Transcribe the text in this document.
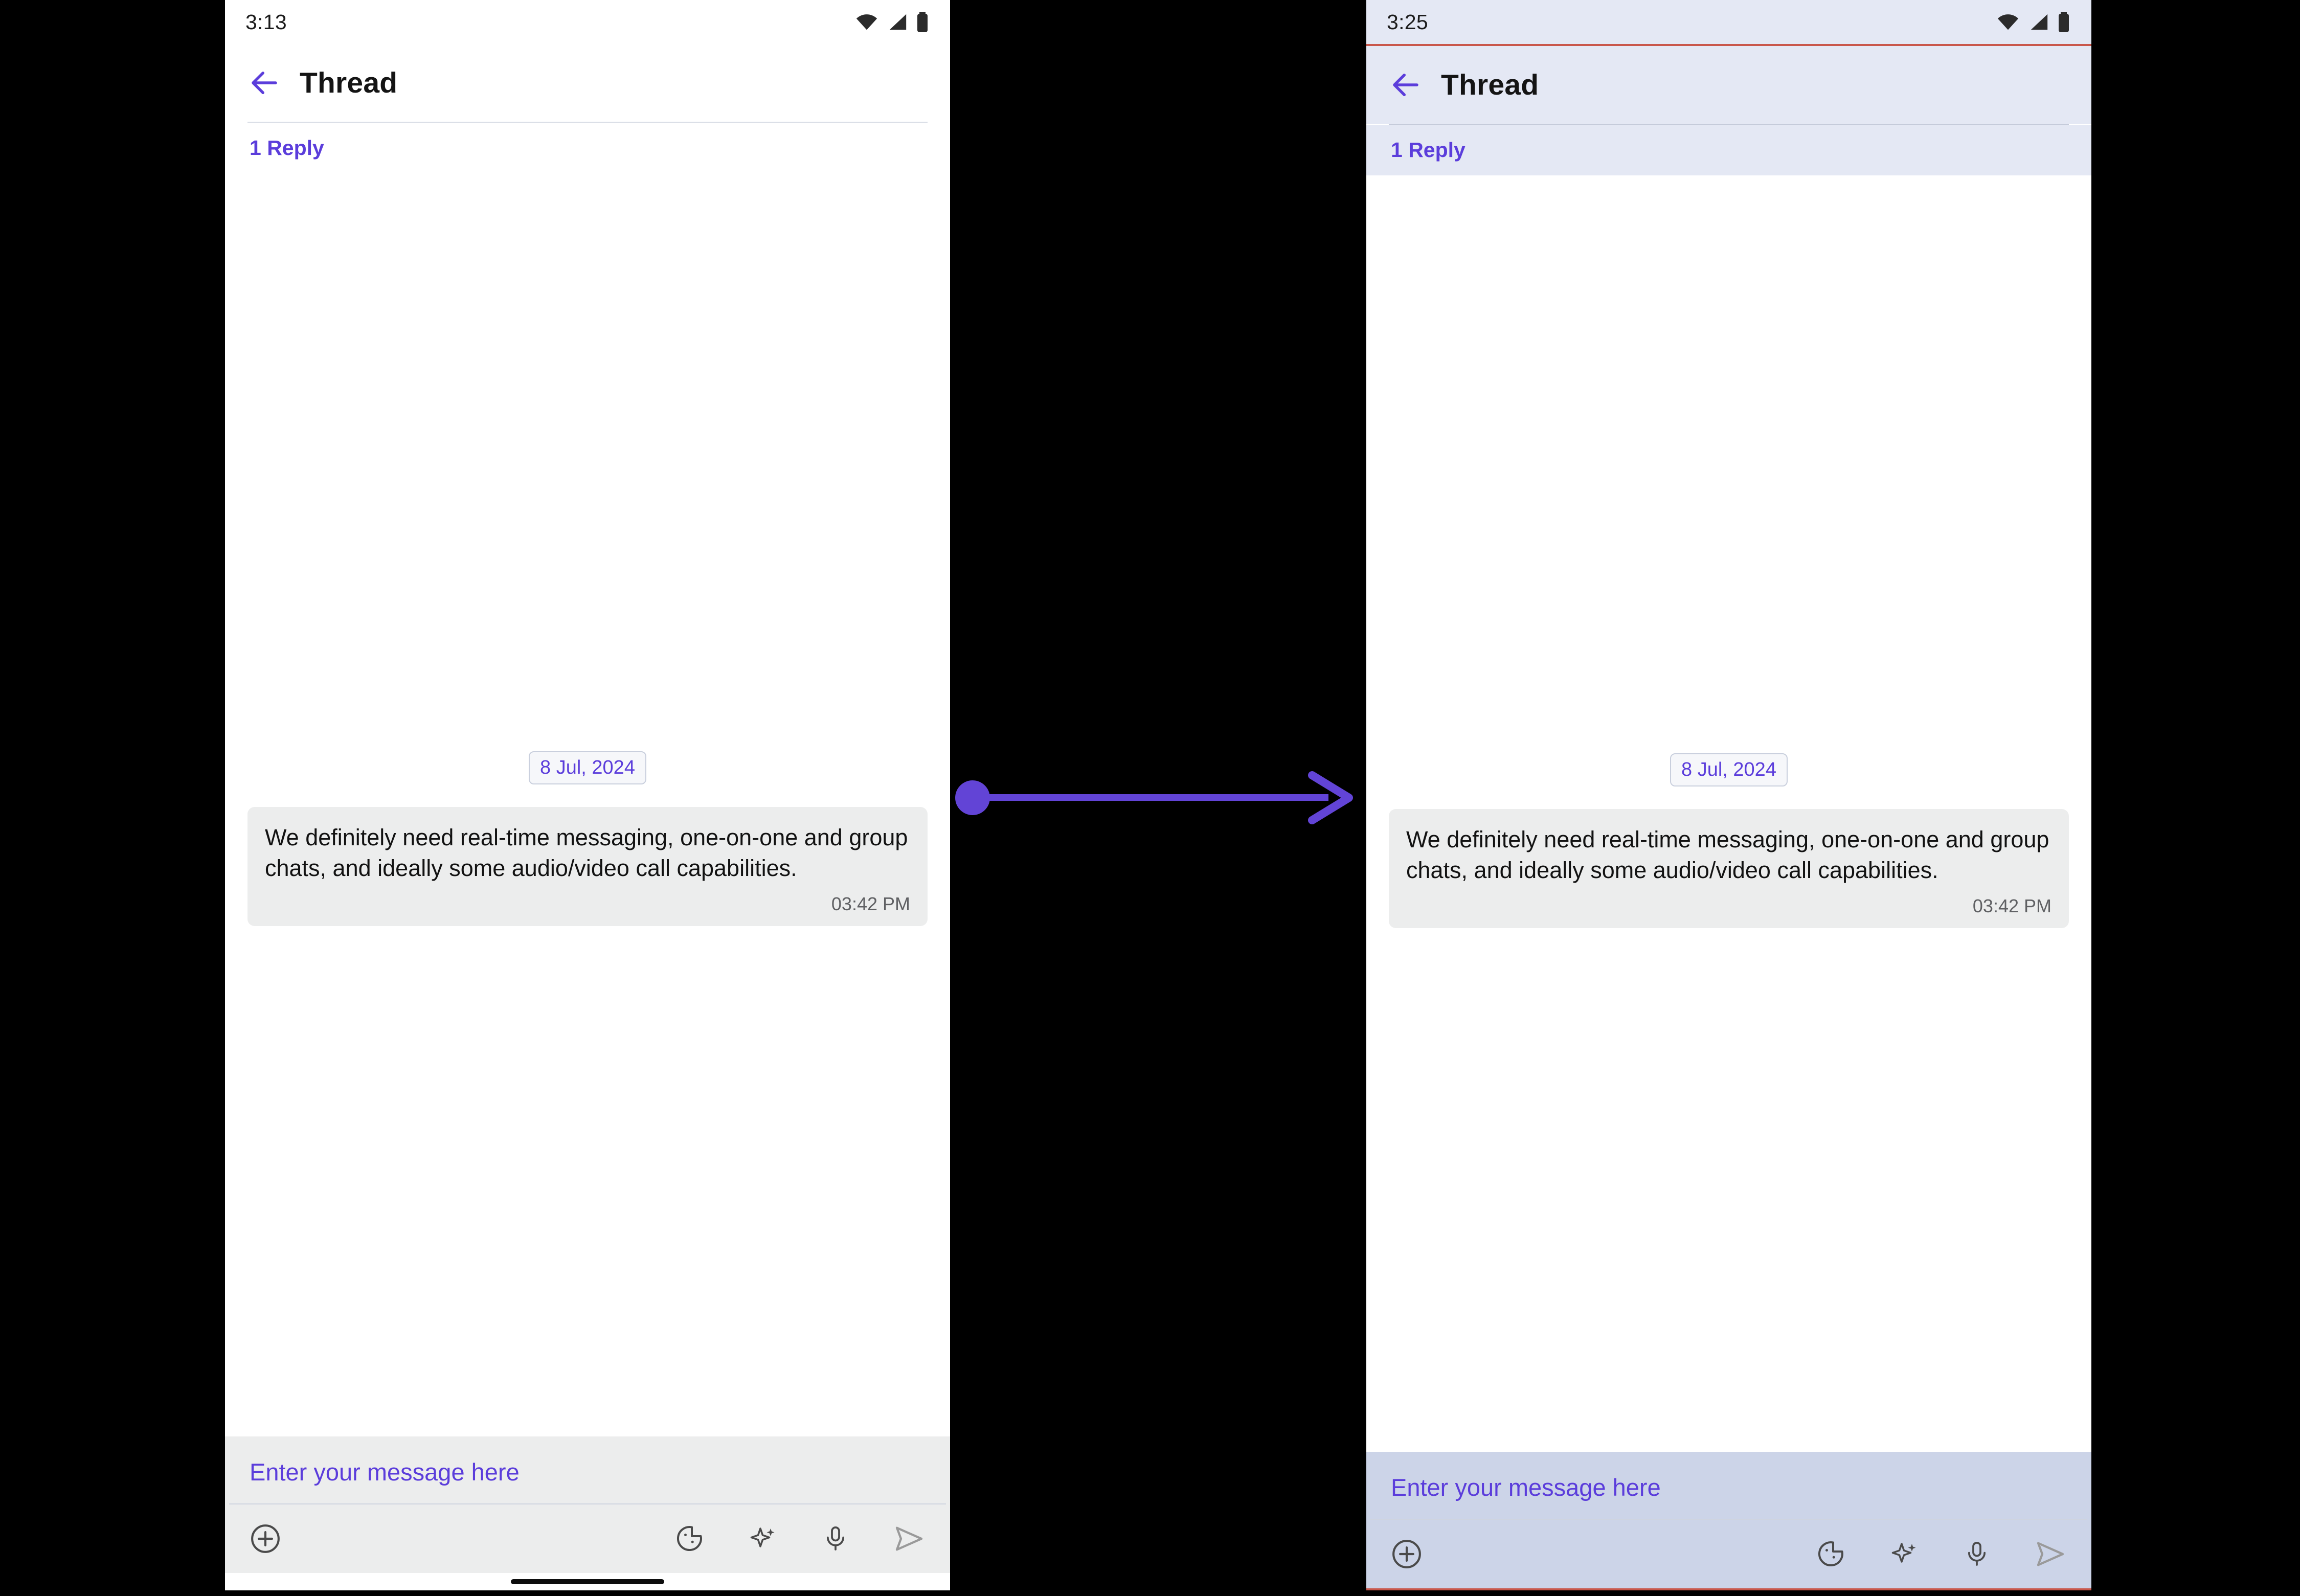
3:13
Thread
1 Reply
8 Jul, 2024
We definitely need real-time messaging, one-on-one and group chats, and ideally some audio/video call capabilities.
03:42 PM
Enter your message here
3:25
Thread
1 Reply
8 Jul, 2024
We definitely need real-time messaging, one-on-one and group chats, and ideally some audio/video call capabilities.
03:42 PM
Enter your message here
